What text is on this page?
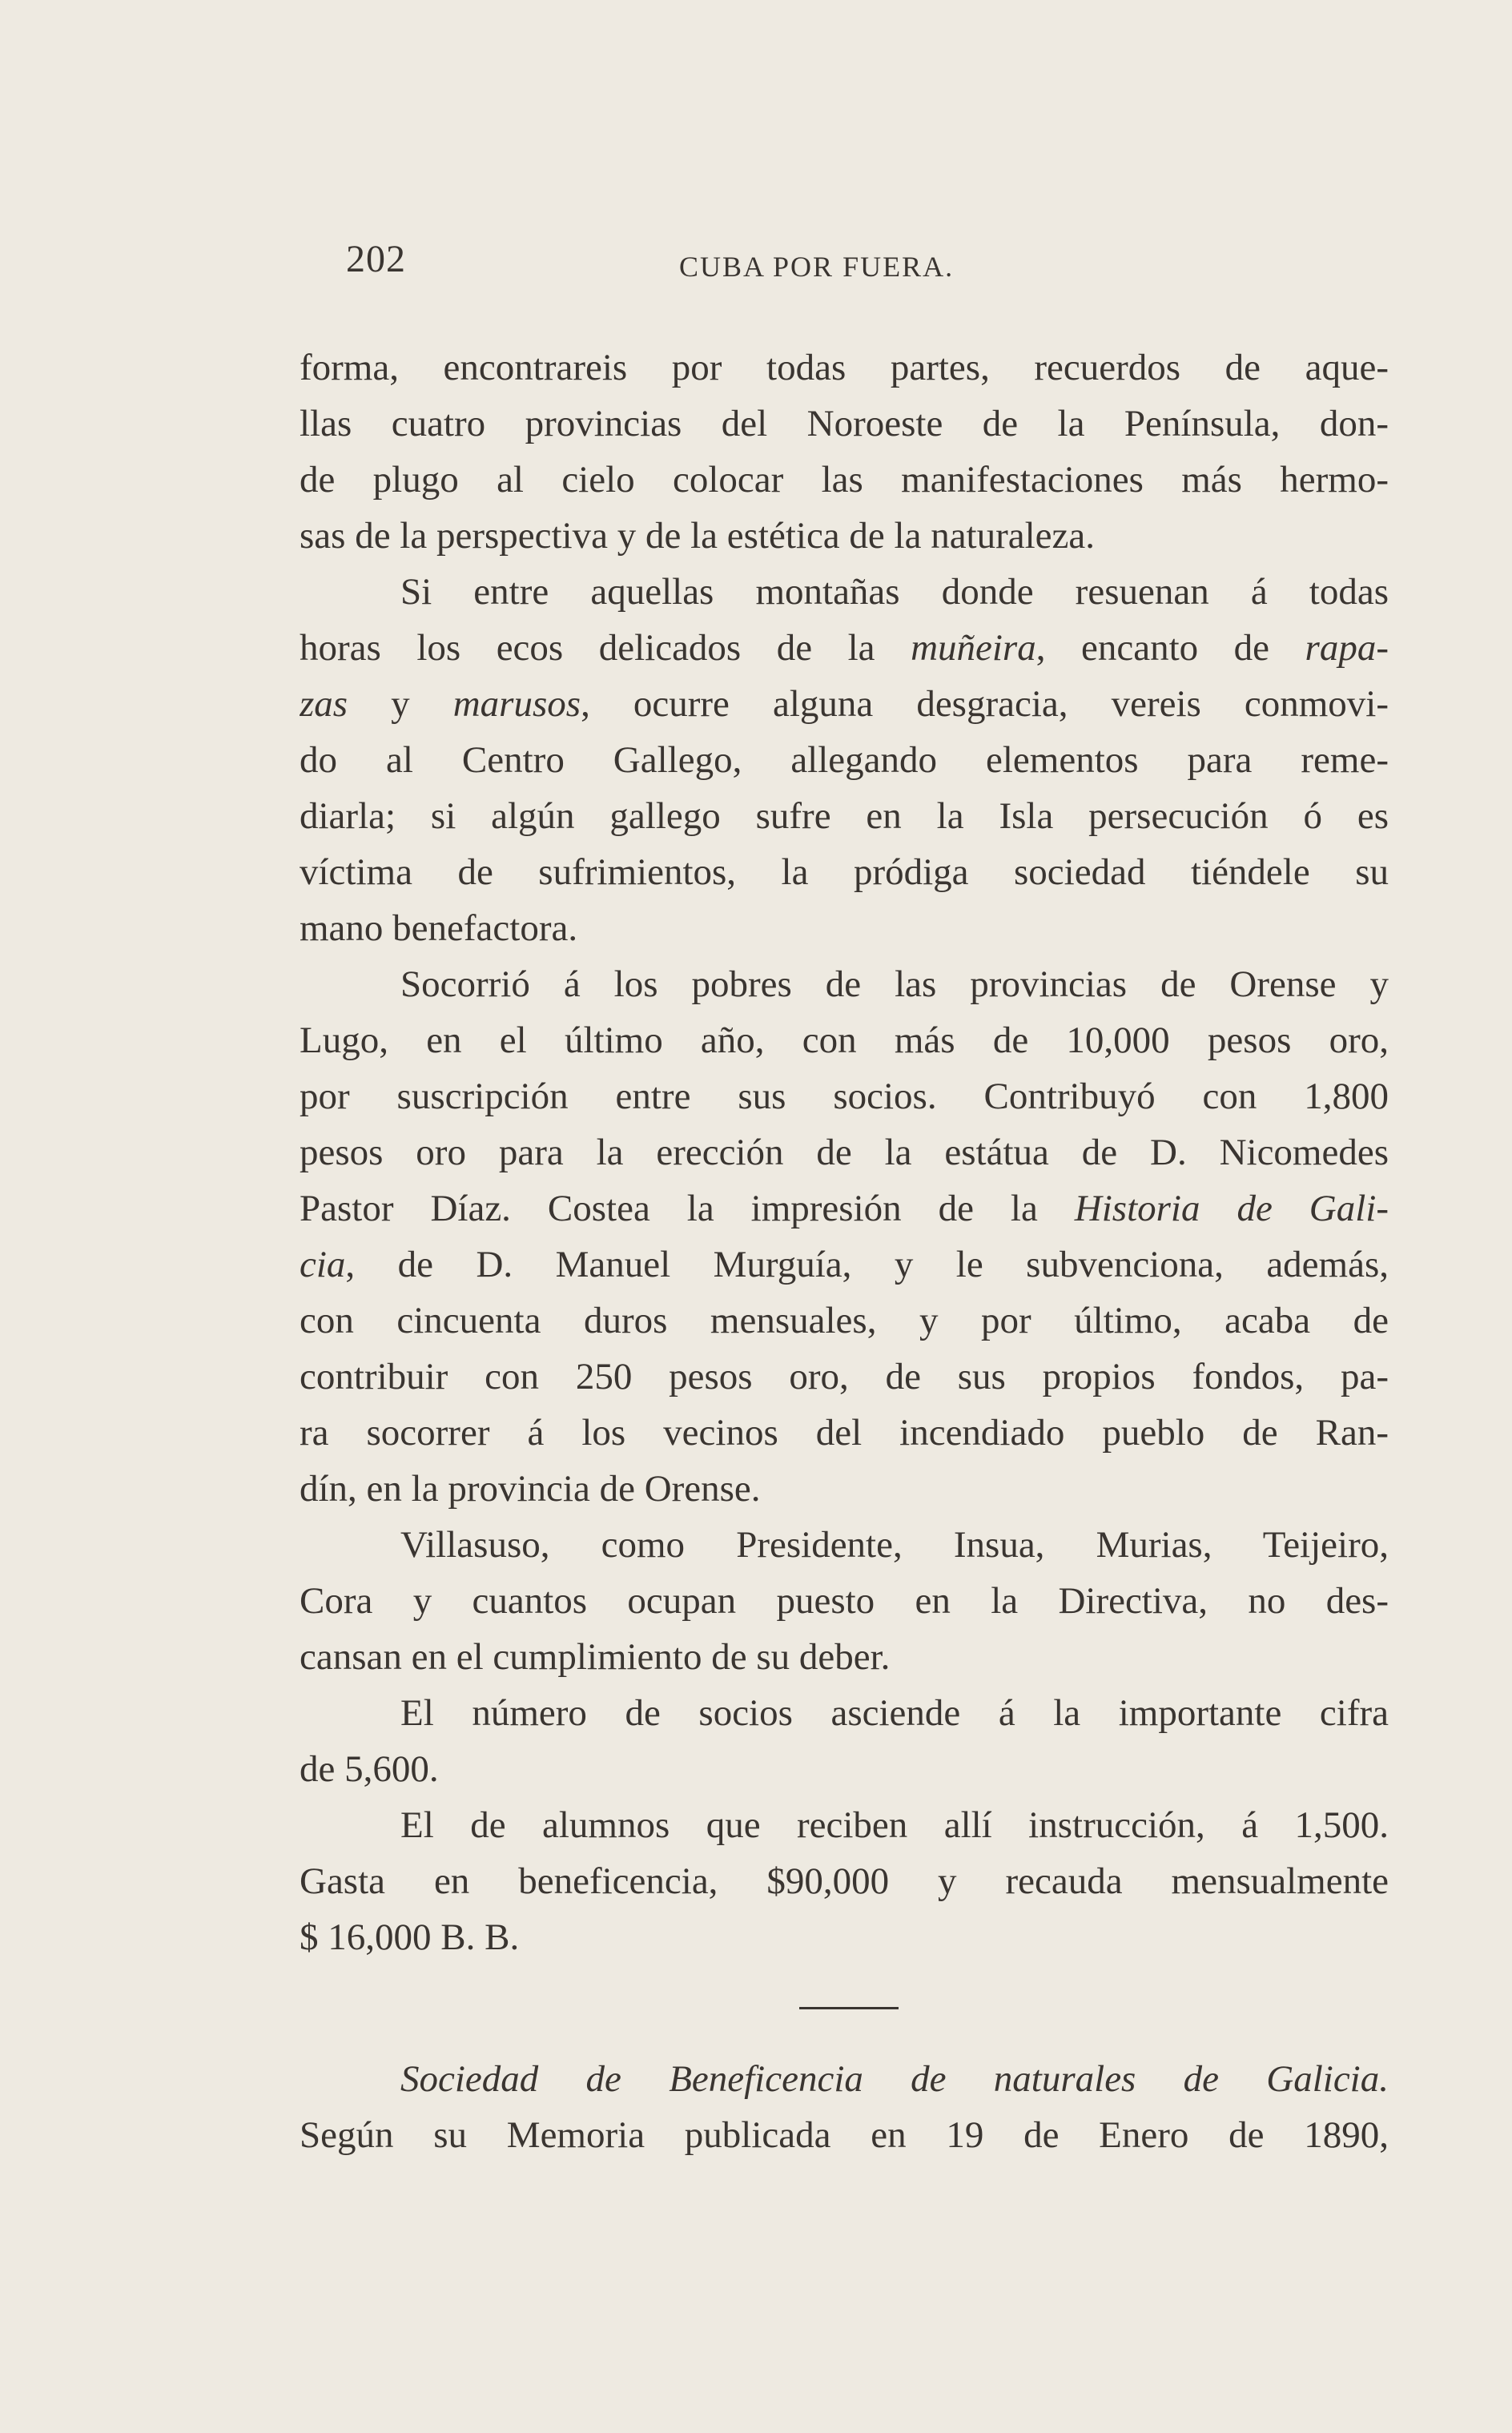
202	CUBA POR FUERA.
forma, encontrareis por todas partes, recuerdos de aque-
llas cuatro provincias del Noroeste de la Península, don-
de plugo al cielo colocar las manifestaciones más hermo-
sas de la perspectiva y de la estética de la naturaleza.
Si entre aquellas montañas donde resuenan á todas
horas los ecos delicados de la muñeira, encanto de rapa-
zas y marusos, ocurre alguna desgracia, vereis conmovi-
do al Centro Gallego, allegando elementos para reme-
diarla; si algún gallego sufre en la Isla persecución ó es
víctima de sufrimientos, la pródiga sociedad tiéndele su
mano benefactora.
Socorrió á los pobres de las provincias de Orense y
Lugo, en el último año, con más de 10,000 pesos oro,
por suscripción entre sus socios. Contribuyó con 1,800
pesos oro para la erección de la estátua de D. Nicomedes
Pastor Díaz. Costea la impresión de la Historia de Gali-
cia, de D. Manuel Murguía, y le subvenciona, además,
con cincuenta duros mensuales, y por último, acaba de
contribuir con 250 pesos oro, de sus propios fondos, pa-
ra socorrer á los vecinos del incendiado pueblo de Ran-
dín, en la provincia de Orense.
Villasuso, como Presidente, Insua, Murias, Teijeiro,
Cora y cuantos ocupan puesto en la Directiva, no des-
cansan en el cumplimiento de su deber.
El número de socios asciende á la importante cifra
de 5,600.
El de alumnos que reciben allí instrucción, á 1,500.
Gasta en beneficencia, $90,000 y recauda mensualmente
$ 16,000 B. B.
Sociedad de Beneficencia de naturales de Galicia.
Según su Memoria publicada en 19 de Enero de 1890,
